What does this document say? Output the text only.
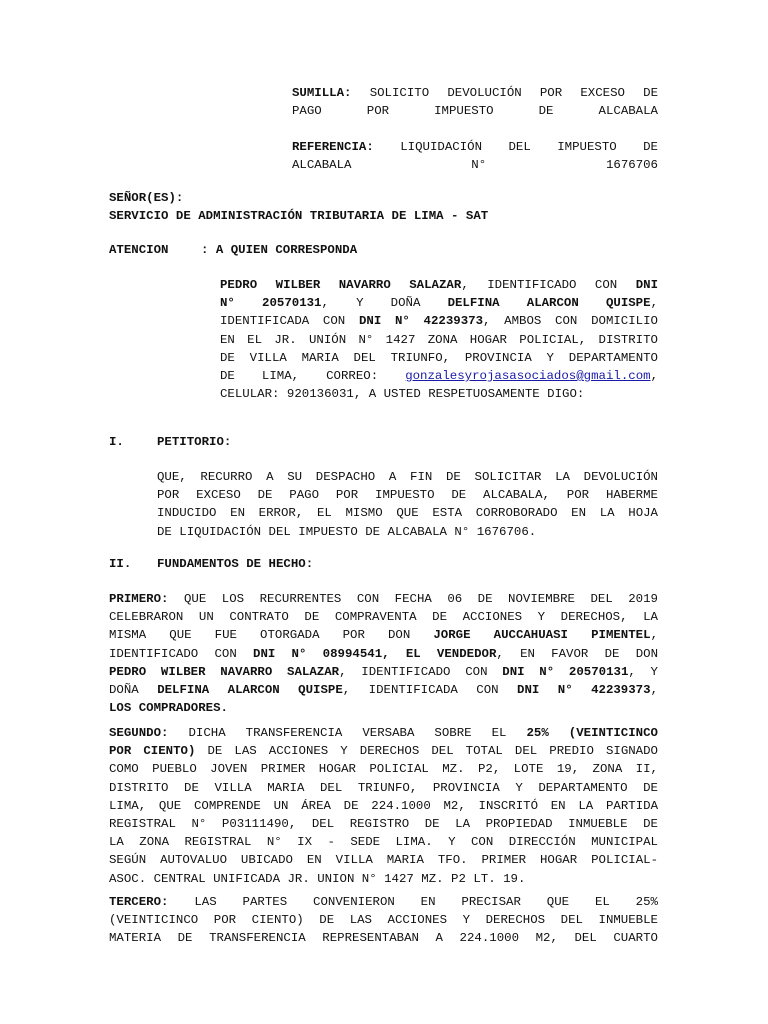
SUMILLA: SOLICITO DEVOLUCIÓN POR EXCESO DE
PAGO POR IMPUESTO DE ALCABALA
REFERENCIA: LIQUIDACIÓN DEL IMPUESTO DE
ALCABALA N° 1676706
SEÑOR(ES):
SERVICIO DE ADMINISTRACIÓN TRIBUTARIA DE LIMA - SAT
ATENCION	: A QUIEN CORRESPONDA
PEDRO WILBER NAVARRO SALAZAR, IDENTIFICADO CON DNI
N° 20570131, Y DOÑA DELFINA ALARCON QUISPE,
IDENTIFICADA CON DNI N° 42239373, AMBOS CON DOMICILIO
EN EL JR. UNIÓN N° 1427 ZONA HOGAR POLICIAL, DISTRITO
DE VILLA MARIA DEL TRIUNFO, PROVINCIA Y DEPARTAMENTO
DE LIMA, CORREO: gonzalesyrojasasociados@gmail.com,
CELULAR: 920136031, A USTED RESPETUOSAMENTE DIGO:
I.	PETITORIO:
QUE, RECURRO A SU DESPACHO A FIN DE SOLICITAR LA DEVOLUCIÓN
POR EXCESO DE PAGO POR IMPUESTO DE ALCABALA, POR HABERME
INDUCIDO EN ERROR, EL MISMO QUE ESTA CORROBORADO EN LA HOJA
DE LIQUIDACIÓN DEL IMPUESTO DE ALCABALA N° 1676706.
II. FUNDAMENTOS DE HECHO:
PRIMERO: QUE LOS RECURRENTES CON FECHA 06 DE NOVIEMBRE DEL 2019
CELEBRARON UN CONTRATO DE COMPRAVENTA DE ACCIONES Y DERECHOS, LA
MISMA QUE FUE OTORGADA POR DON JORGE AUCCAHUASI PIMENTEL,
IDENTIFICADO CON DNI N° 08994541, EL VENDEDOR, EN FAVOR DE DON
PEDRO WILBER NAVARRO SALAZAR, IDENTIFICADO CON DNI N° 20570131, Y
DOÑA DELFINA ALARCON QUISPE, IDENTIFICADA CON DNI N° 42239373,
LOS COMPRADORES.
SEGUNDO: DICHA TRANSFERENCIA VERSABA SOBRE EL 25% (VEINTICINCO
POR CIENTO) DE LAS ACCIONES Y DERECHOS DEL TOTAL DEL PREDIO SIGNADO
COMO PUEBLO JOVEN PRIMER HOGAR POLICIAL MZ. P2, LOTE 19, ZONA II,
DISTRITO DE VILLA MARIA DEL TRIUNFO, PROVINCIA Y DEPARTAMENTO DE
LIMA, QUE COMPRENDE UN ÁREA DE 224.1000 M2, INSCRITÓ EN LA PARTIDA
REGISTRAL N° P03111490, DEL REGISTRO DE LA PROPIEDAD INMUEBLE DE
LA ZONA REGISTRAL N° IX - SEDE LIMA. Y CON DIRECCIÓN MUNICIPAL
SEGÚN AUTOVALUO UBICADO EN VILLA MARIA TFO. PRIMER HOGAR POLICIAL-
ASOC. CENTRAL UNIFICADA JR. UNION N° 1427 MZ. P2 LT. 19.
TERCERO: LAS PARTES CONVENIERON EN PRECISAR QUE EL 25%
(VEINTICINCO POR CIENTO) DE LAS ACCIONES Y DERECHOS DEL INMUEBLE
MATERIA DE TRANSFERENCIA REPRESENTABAN A 224.1000 M2, DEL CUARTO
